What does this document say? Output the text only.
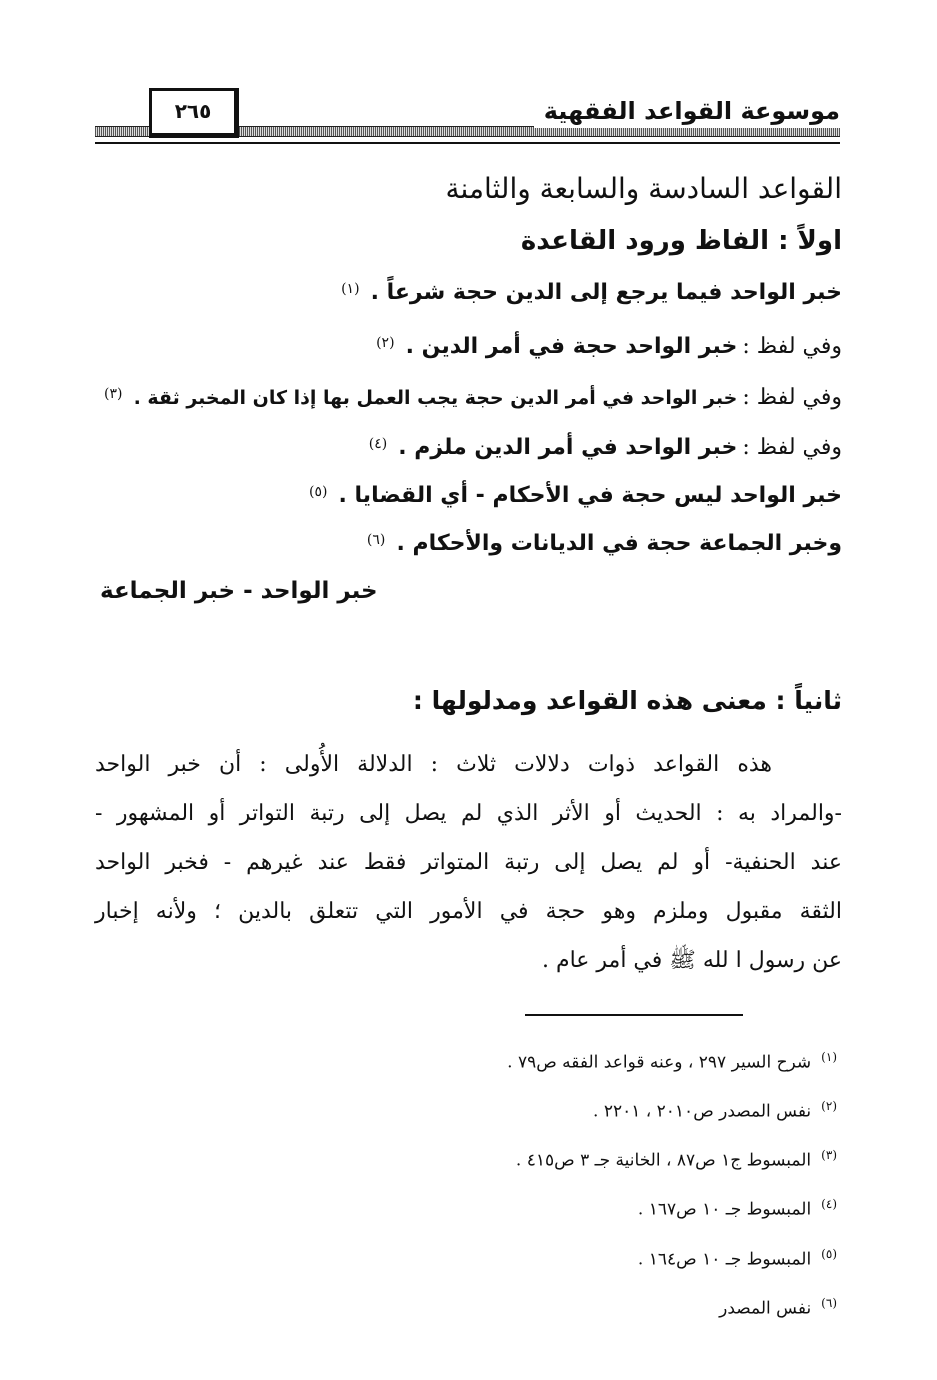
موسوعة القواعد الفقهية
٢٦٥
القواعد السادسة والسابعة والثامنة
اولاً : الفاظ ورود القاعدة
خبر الواحد فيما يرجع إلى الدين حجة شرعاً . (١)
وفي لفظ : خبر الواحد حجة في أمر الدين . (٢)
وفي لفظ : خبر الواحد في أمر الدين حجة يجب العمل بها إذا كان المخبر ثقة . (٣)
وفي لفظ : خبر الواحد في أمر الدين ملزم . (٤)
خبر الواحد ليس حجة في الأحكام - أي القضايا . (٥)
وخبر الجماعة حجة في الديانات والأحكام . (٦)
خبر الواحد - خبر الجماعة
ثانياً : معنى هذه القواعد ومدلولها :
هذه القواعد ذوات دلالات ثلاث : الدلالة الأُولى : أن خبر الواحد
-والمراد به : الحديث أو الأثر الذي لم يصل إلى رتبة التواتر أو المشهور -
عند الحنفية- أو لم يصل إلى رتبة المتواتر فقط عند غيرهم - فخبر الواحد
الثقة مقبول وملزم وهو حجة في الأمور التي تتعلق بالدين ؛ ولأنه إخبار
عن رسول ا لله ﷺ في أمر عام .
$^{(١)}$شرح السير ٢٩٧ ، وعنه قواعد الفقه ص٧٩ .
$^{(٢)}$نفس المصدر ص٢٠١٠ ، ٢٢٠١ .
$^{(٣)}$المبسوط ج١ ص٨٧ ، الخانية جـ ٣ ص٤١٥ .
$^{(٤)}$المبسوط جـ ١٠ ص١٦٧ .
$^{(٥)}$المبسوط جـ ١٠ ص١٦٤ .
$^{(٦)}$نفس المصدر
